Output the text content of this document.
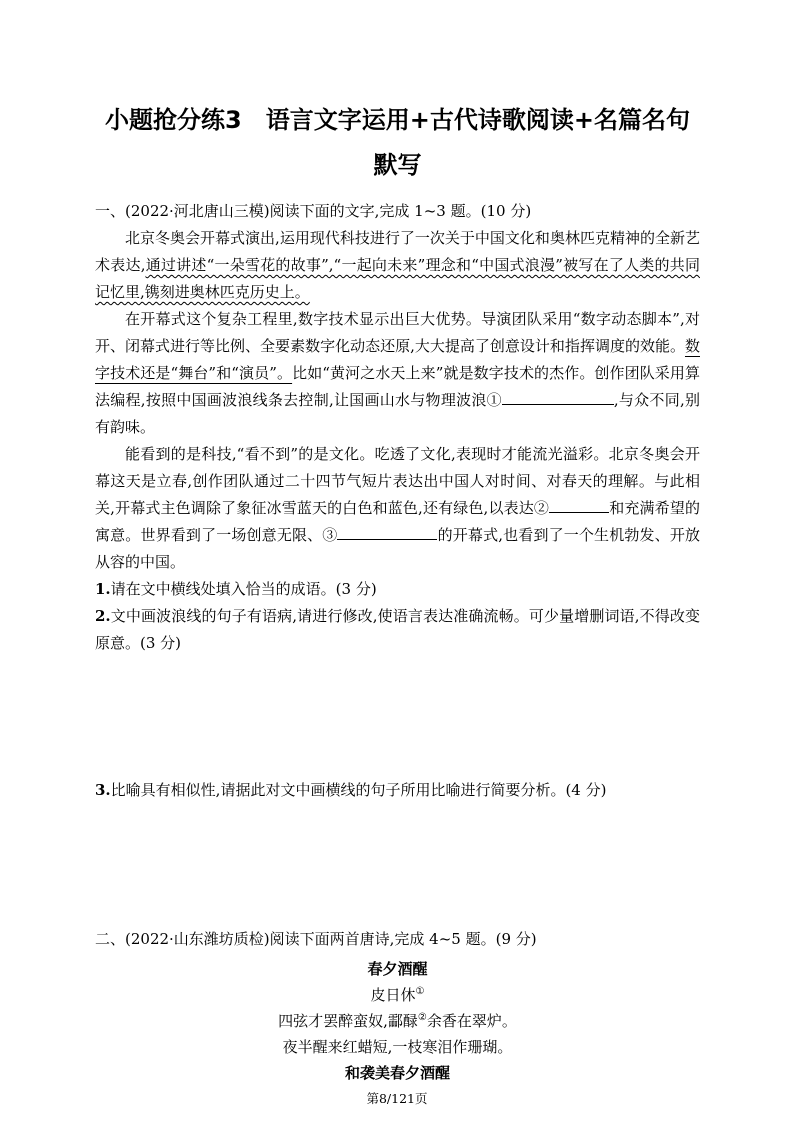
小题抢分练3　语言文字运用+古代诗歌阅读+名篇名句默写
一、(2022·河北唐山三模)阅读下面的文字,完成 1~3 题。(10 分)

北京冬奥会开幕式演出,运用现代科技进行了一次关于中国文化和奥林匹克精神的全新艺术表达,通过讲述“一朵雪花的故事”,“一起向未来”理念和“中国式浪漫”被写在了人类的共同记忆里,镌刻进奥林匹克历史上。

在开幕式这个复杂工程里,数字技术显示出巨大优势。导演团队采用“数字动态脚本”,对开、闭幕式进行等比例、全要素数字化动态还原,大大提高了创意设计和指挥调度的效能。数字技术还是“舞台”和“演员”。比如“黄河之水天上来”就是数字技术的杰作。创作团队采用算法编程,按照中国画波浪线条去控制,让国画山水与物理波浪①	,与众不同,别有韵味。

能看到的是科技,“看不到”的是文化。吃透了文化,表现时才能流光溢彩。北京冬奥会开幕这天是立春,创作团队通过二十四节气短片表达出中国人对时间、对春天的理解。与此相关,开幕式主色调除了象征冰雪蓝天的白色和蓝色,还有绿色,以表达②	和充满希望的寓意。世界看到了一场创意无限、③	的开幕式,也看到了一个生机勃发、开放从容的中国。

1.请在文中横线处填入恰当的成语。(3 分)

2.文中画波浪线的句子有语病,请进行修改,使语言表达准确流畅。可少量增删词语,不得改变原意。(3 分)

3.比喻具有相似性,请据此对文中画横线的句子所用比喻进行简要分析。(4 分)

二、(2022·山东潍坊质检)阅读下面两首唐诗,完成 4~5 题。(9 分)
春夕酒醒
皮日休①
四弦才罢醉蛮奴,酃醁②余香在翠炉。
夜半醒来红蜡短,一枝寒泪作珊瑚。
和袭美春夕酒醒
第8/121页
